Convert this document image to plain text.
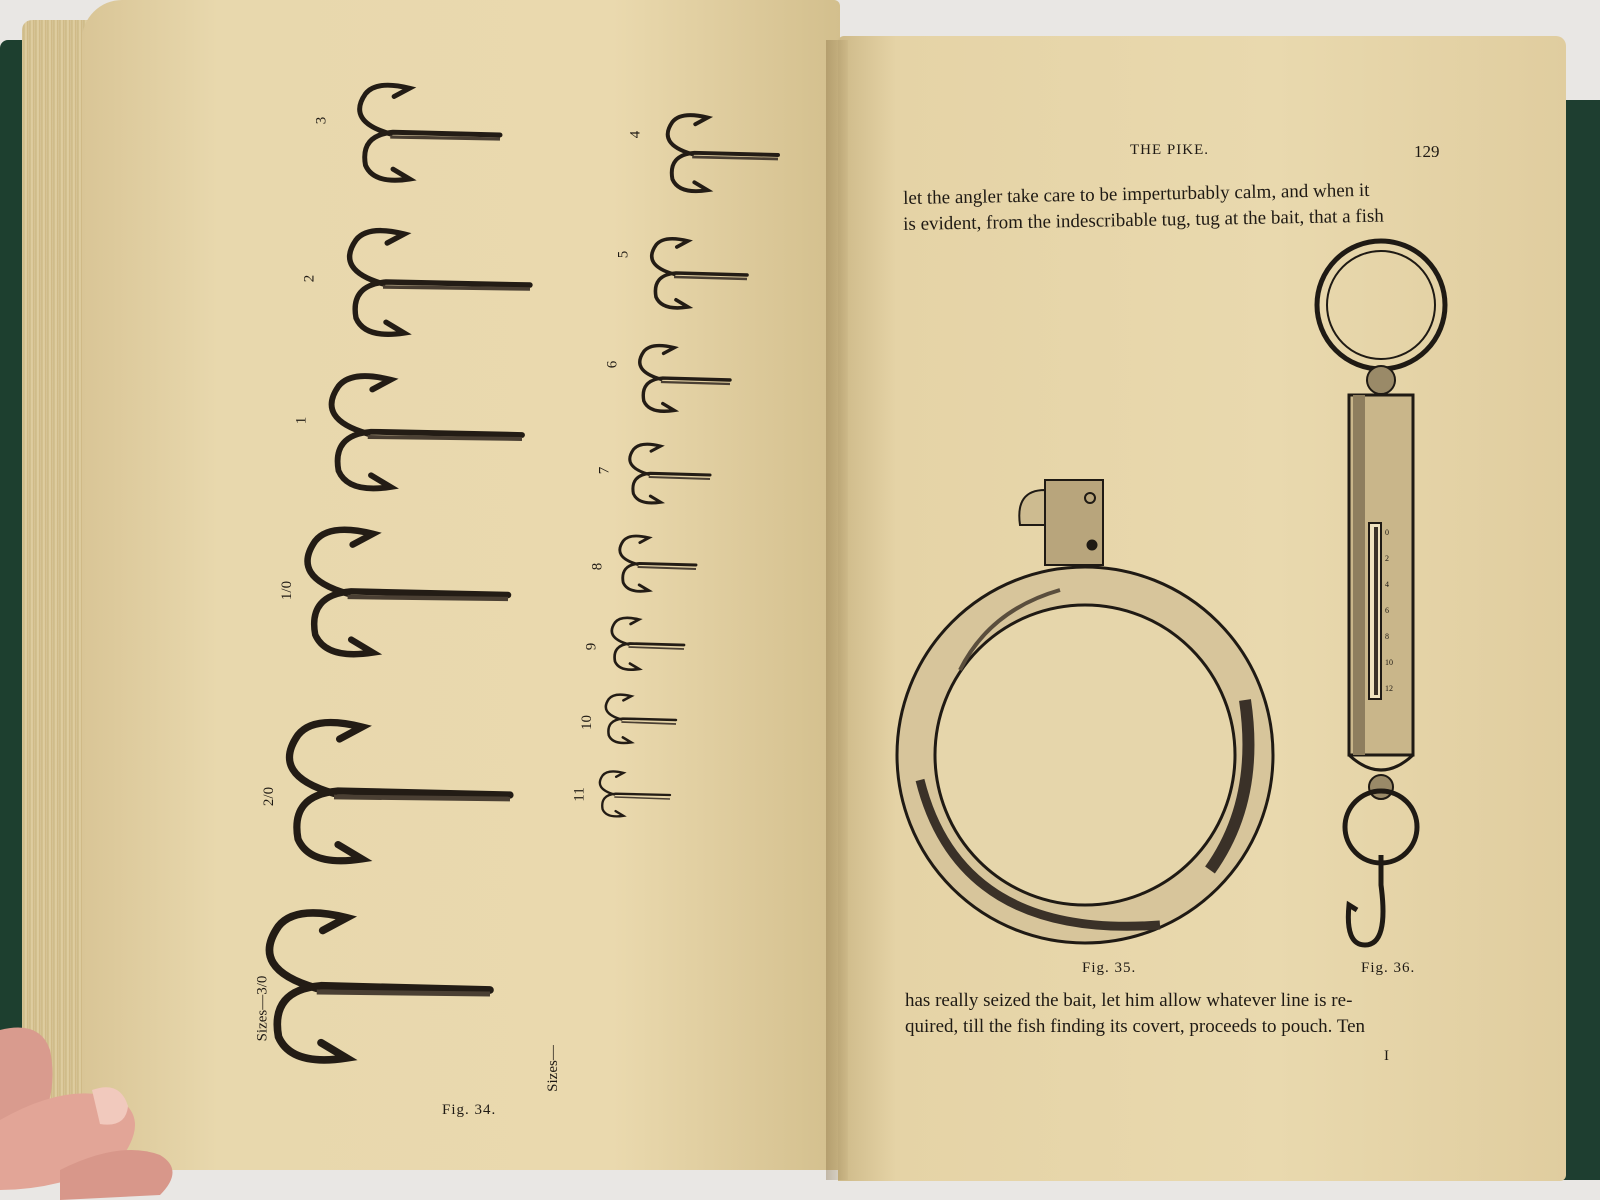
THE PIKE.	129
let the angler take care to be imperturbably calm, and when it
is evident, from the indescribable tug, tug at the bait, that a fish
has really seized the bait, let him allow whatever line is re-
quired, till the fish finding its covert, proceeds to pouch. Ten
I
Fig. 35.	Fig. 36.
0
2
4
6
8
10
12
Fig. 34.
Sizes—3/0
Sizes—
2/0
1/0
1
2
3
11
10
9
8
7
6
5
4
